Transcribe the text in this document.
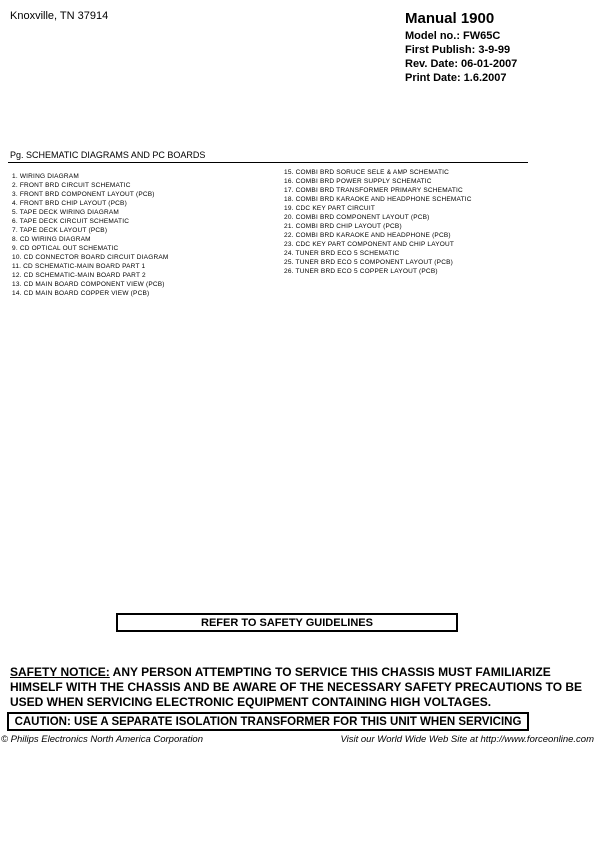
Knoxville, TN 37914	Manual 1900
Model no.: FW65C
First Publish: 3-9-99
Rev. Date: 06-01-2007
Print Date: 1.6.2007
Pg. SCHEMATIC DIAGRAMS AND PC BOARDS
1. WIRING DIAGRAM
2. FRONT BRD CIRCUIT SCHEMATIC
3. FRONT BRD COMPONENT LAYOUT (PCB)
4. FRONT BRD CHIP LAYOUT (PCB)
5. TAPE DECK WIRING DIAGRAM
6. TAPE DECK CIRCUIT SCHEMATIC
7. TAPE DECK LAYOUT (PCB)
8. CD WIRING DIAGRAM
9. CD OPTICAL OUT SCHEMATIC
10. CD CONNECTOR BOARD CIRCUIT DIAGRAM
11. CD SCHEMATIC-MAIN BOARD PART 1
12. CD SCHEMATIC-MAIN BOARD PART 2
13. CD MAIN BOARD COMPONENT VIEW (PCB)
14. CD MAIN BOARD COPPER VIEW (PCB)
15. COMBI BRD SORUCE SELE & AMP SCHEMATIC
16. COMBI BRD POWER SUPPLY SCHEMATIC
17. COMBI BRD TRANSFORMER PRIMARY SCHEMATIC
18. COMBI BRD KARAOKE AND HEADPHONE SCHEMATIC
19. CDC KEY PART CIRCUIT
20. COMBI BRD COMPONENT LAYOUT (PCB)
21. COMBI BRD CHIP LAYOUT (PCB)
22. COMBI BRD KARAOKE AND HEADPHONE (PCB)
23. CDC KEY PART COMPONENT AND CHIP LAYOUT
24. TUNER BRD ECO 5 SCHEMATIC
25. TUNER BRD ECO 5 COMPONENT LAYOUT (PCB)
26. TUNER BRD ECO 5 COPPER LAYOUT (PCB)
REFER TO SAFETY GUIDELINES
SAFETY NOTICE: ANY PERSON ATTEMPTING TO SERVICE THIS CHASSIS MUST FAMILIARIZE HIMSELF WITH THE CHASSIS AND BE AWARE OF THE NECESSARY SAFETY PRECAUTIONS TO BE USED WHEN SERVICING ELECTRONIC EQUIPMENT CONTAINING HIGH VOLTAGES.
CAUTION: USE A SEPARATE ISOLATION TRANSFORMER FOR THIS UNIT WHEN SERVICING
© Philips Electronics North America Corporation	Visit our World Wide Web Site at http://www.forceonline.com
